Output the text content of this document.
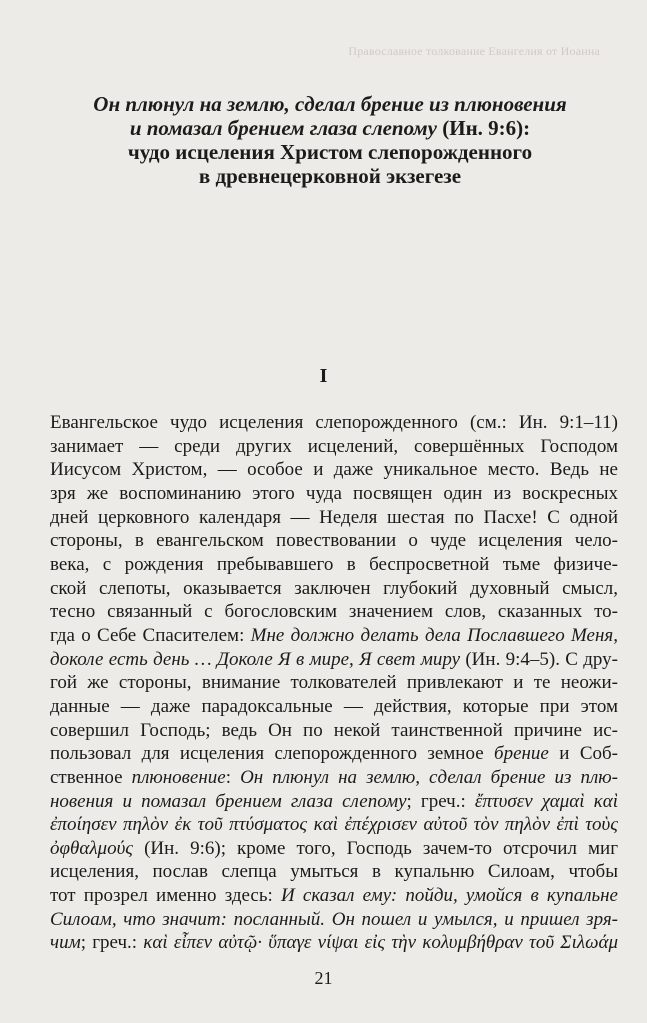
Православное толкование Евангелия от Иоанна
Он плюнул на землю, сделал брение из плюновения
и помазал брением глаза слепому (Ин. 9:6):
чудо исцеления Христом слепорожденного
в древнецерковной экзегезе
I
Евангельское чудо исцеления слепорожденного (см.: Ин. 9:1–11)
занимает — среди других исцелений, совершённых Господом
Иисусом Христом, — особое и даже уникальное место. Ведь не
зря же воспоминанию этого чуда посвящен один из воскресных
дней церковного календаря — Неделя шестая по Пасхе! С одной
стороны, в евангельском повествовании о чуде исцеления чело-
века, с рождения пребывавшего в беспросветной тьме физиче-
ской слепоты, оказывается заключен глубокий духовный смысл,
тесно связанный с богословским значением слов, сказанных то-
гда о Себе Спасителем: Мне должно делать дела Пославшего Меня,
доколе есть день … Доколе Я в мире, Я свет миру (Ин. 9:4–5). С дру-
гой же стороны, внимание толкователей привлекают и те неожи-
данные — даже парадоксальные — действия, которые при этом
совершил Господь; ведь Он по некой таинственной причине ис-
пользовал для исцеления слепорожденного земное брение и Соб-
ственное плюновение: Он плюнул на землю, сделал брение из плю-
новения и помазал брением глаза слепому; греч.: ἔπτυσεν χαμαὶ καὶ
ἐποίησεν πηλὸν ἐκ τοῦ πτύσματος καὶ ἐπέχρισεν αὐτοῦ τὸν πηλὸν ἐπὶ τοὺς
ὀφθαλμούς (Ин. 9:6); кроме того, Господь зачем-то отсрочил миг
исцеления, послав слепца умыться в купальню Силоам, чтобы
тот прозрел именно здесь: И сказал ему: пойди, умойся в купальне
Силоам, что значит: посланный. Он пошел и умылся, и пришел зря-
чим; греч.: καὶ εἶπεν αὐτῷ· ὕπαγε νίψαι εἰς τὴν κολυμβήθραν τοῦ Σιλωάμ
21
